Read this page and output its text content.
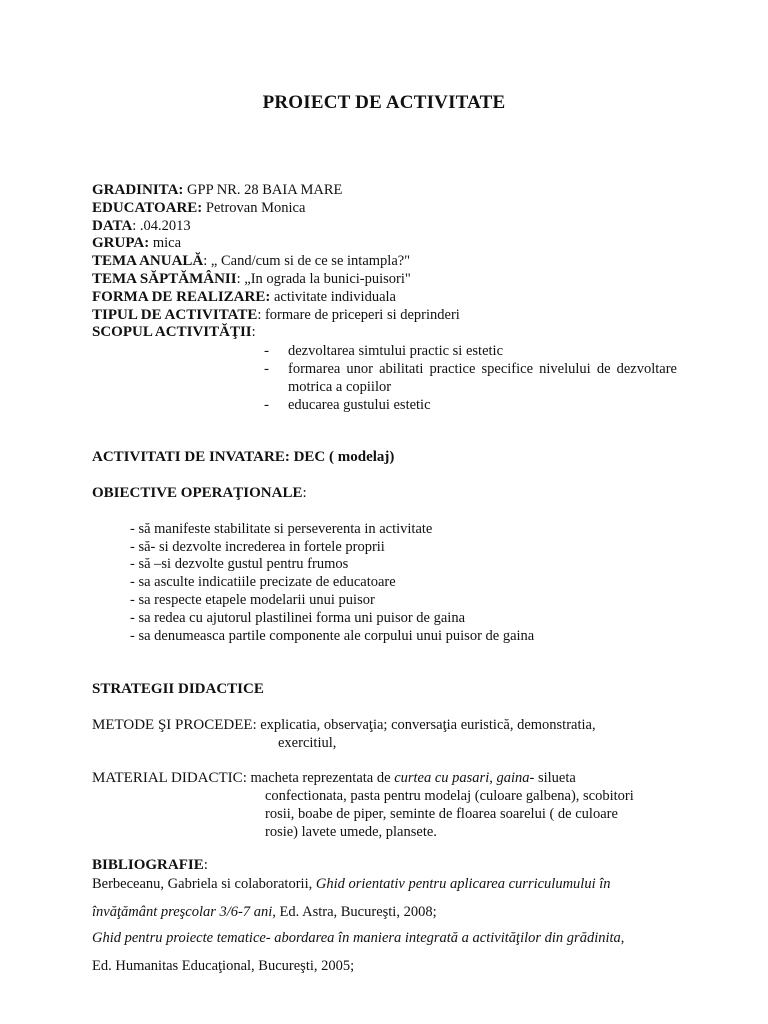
PROIECT DE ACTIVITATE
GRADINITA: GPP NR. 28 BAIA MARE
EDUCATOARE: Petrovan Monica
DATA: .04.2013
GRUPA: mica
TEMA ANUALĂ: „ Cand/cum si de ce se intampla?"
TEMA SĂPTĂMÂNII: „In ograda la bunici-puisori"
FORMA DE REALIZARE: activitate individuala
TIPUL DE ACTIVITATE: formare de priceperi si deprinderi
SCOPUL ACTIVITĂŢII:
- dezvoltarea simtului practic si estetic
- formarea unor abilitati practice specifice nivelului de dezvoltare motrica a copiilor
- educarea gustului estetic
ACTIVITATI DE INVATARE: DEC ( modelaj)
OBIECTIVE OPERAŢIONALE:
- să manifeste stabilitate si perseverenta in activitate
- să- si dezvolte increderea in fortele proprii
- să –si dezvolte gustul pentru frumos
- sa asculte indicatiile precizate de educatoare
- sa respecte etapele modelarii unui puisor
- sa redea cu ajutorul plastilinei forma uni puisor de gaina
- sa denumeasca partile componente ale corpului unui puisor de gaina
STRATEGII DIDACTICE
METODE ŞI PROCEDEE: explicatia, observaţia; conversaţia euristică, demonstratia,
exercitiul,
MATERIAL DIDACTIC: macheta reprezentata de curtea cu pasari, gaina- silueta
confectionata, pasta pentru modelaj (culoare galbena), scobitori
rosii, boabe de piper, seminte de floarea soarelui ( de culoare
rosie) lavete umede, plansete.
BIBLIOGRAFIE:
Berbeceanu, Gabriela si colaboratorii, Ghid orientativ pentru aplicarea curriculumului în
învăţământ preşcolar 3/6-7 ani, Ed. Astra, Bucureşti, 2008;
Ghid pentru proiecte tematice- abordarea în maniera integrată a activităţilor din grădinita,
Ed. Humanitas Educaţional, Bucureşti, 2005;
